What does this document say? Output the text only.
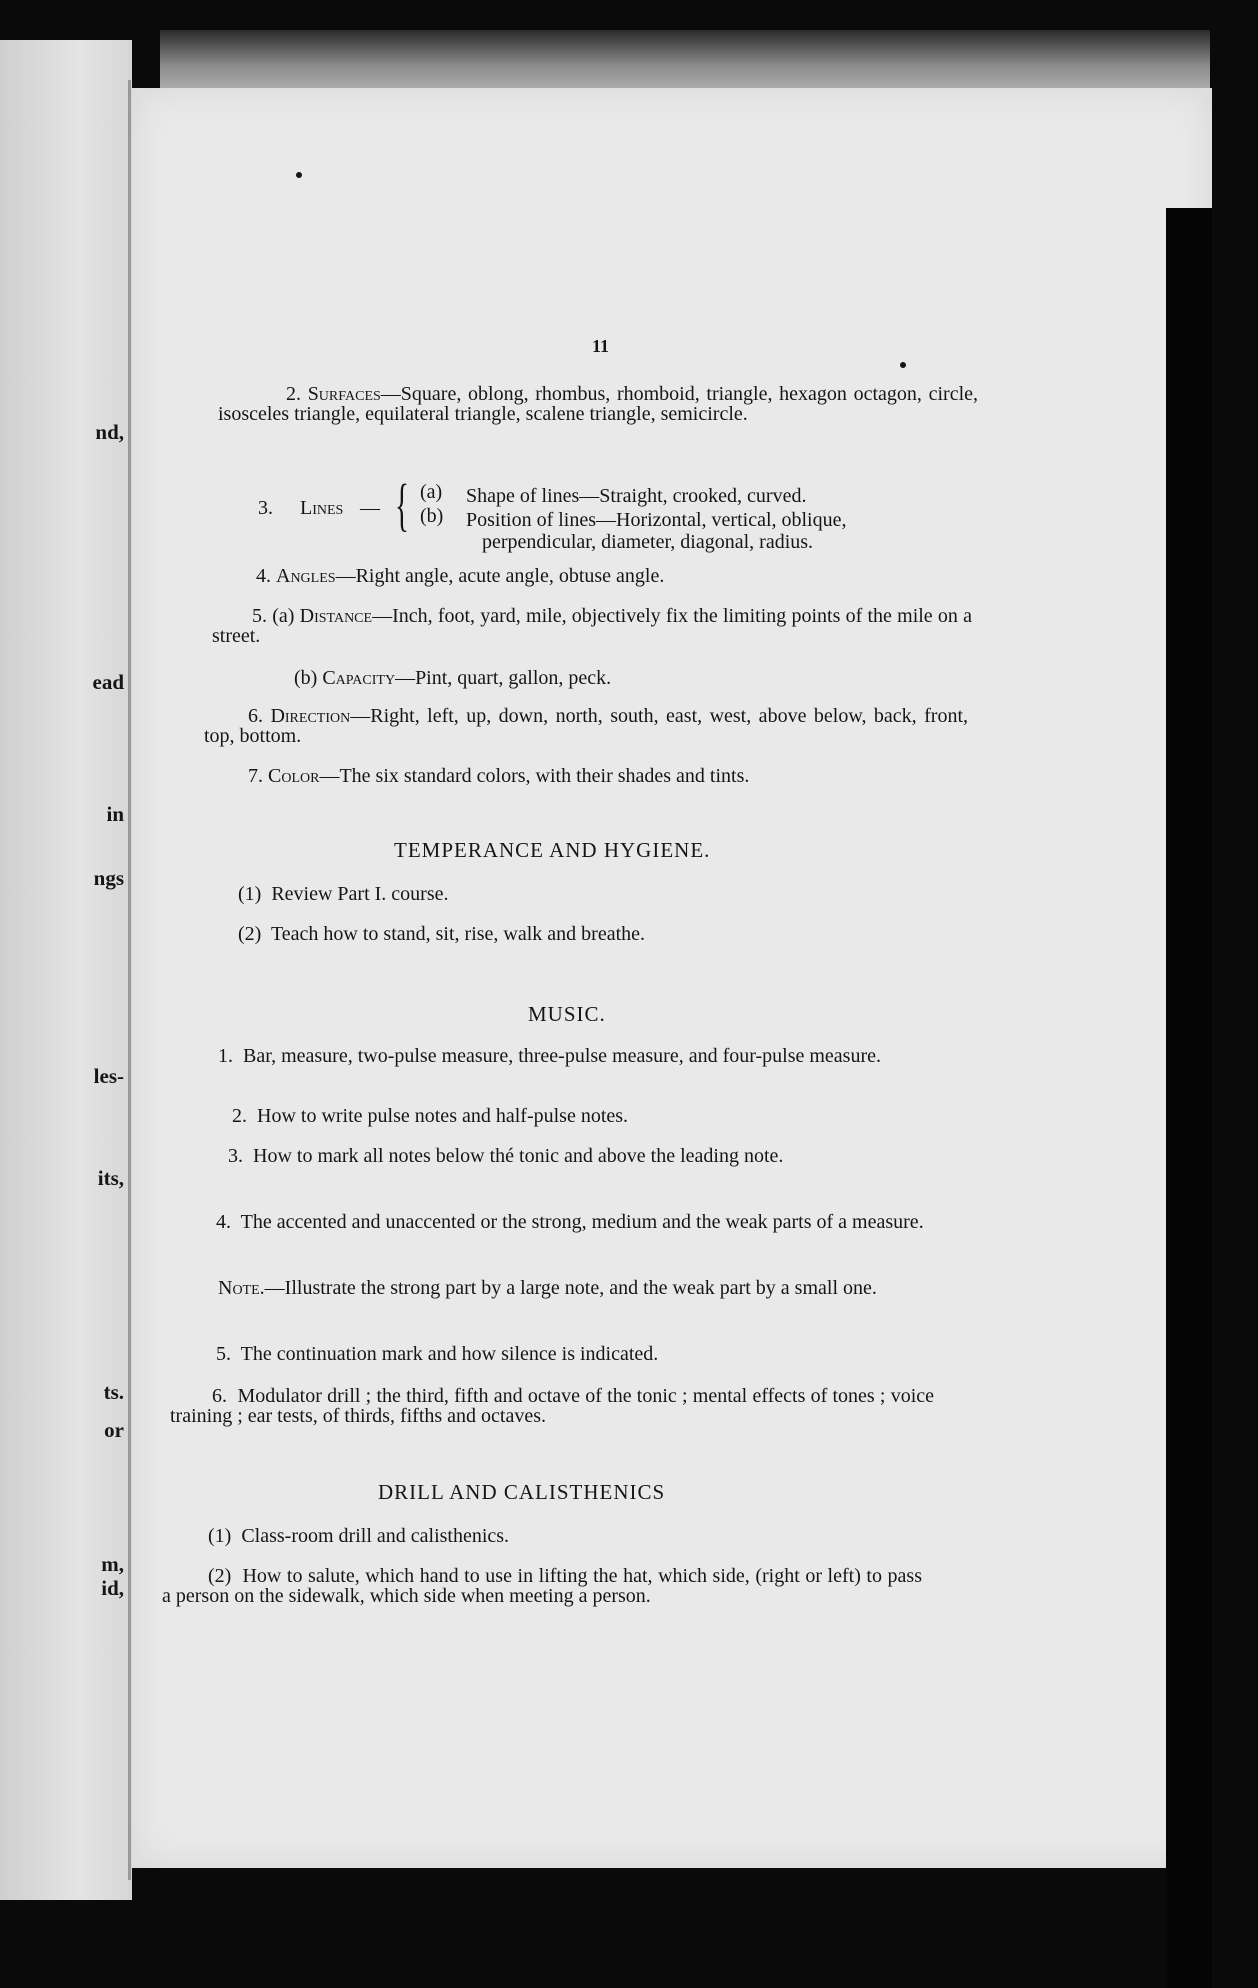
nd,
ead
in
ngs
les-
its,
ts.
or
m,
id,
11
2. Surfaces—Square, oblong, rhombus, rhomboid, triangle, hexagon octagon, circle, isosceles triangle, equilateral triangle, scalene triangle, semicircle.
3. Lines — { (a) Shape of lines—Straight, crooked, curved.
(b) Position of lines—Horizontal, vertical, oblique,
perpendicular, diameter, diagonal, radius.
4. Angles—Right angle, acute angle, obtuse angle.
5. (a) Distance—Inch, foot, yard, mile, objectively fix the limiting points of the mile on a street.
(b) Capacity—Pint, quart, gallon, peck.
6. Direction—Right, left, up, down, north, south, east, west, above below, back, front, top, bottom.
7. Color—The six standard colors, with their shades and tints.
TEMPERANCE AND HYGIENE.
(1) Review Part I. course.
(2) Teach how to stand, sit, rise, walk and breathe.
MUSIC.
1. Bar, measure, two-pulse measure, three-pulse measure, and four-pulse measure.
2. How to write pulse notes and half-pulse notes.
3. How to mark all notes below thé tonic and above the leading note.
4. The accented and unaccented or the strong, medium and the weak parts of a measure.
Note.—Illustrate the strong part by a large note, and the weak part by a small one.
5. The continuation mark and how silence is indicated.
6. Modulator drill ; the third, fifth and octave of the tonic ; mental effects of tones ; voice training ; ear tests, of thirds, fifths and octaves.
DRILL AND CALISTHENICS
(1) Class-room drill and calisthenics.
(2) How to salute, which hand to use in lifting the hat, which side, (right or left) to pass a person on the sidewalk, which side when meeting a person.
